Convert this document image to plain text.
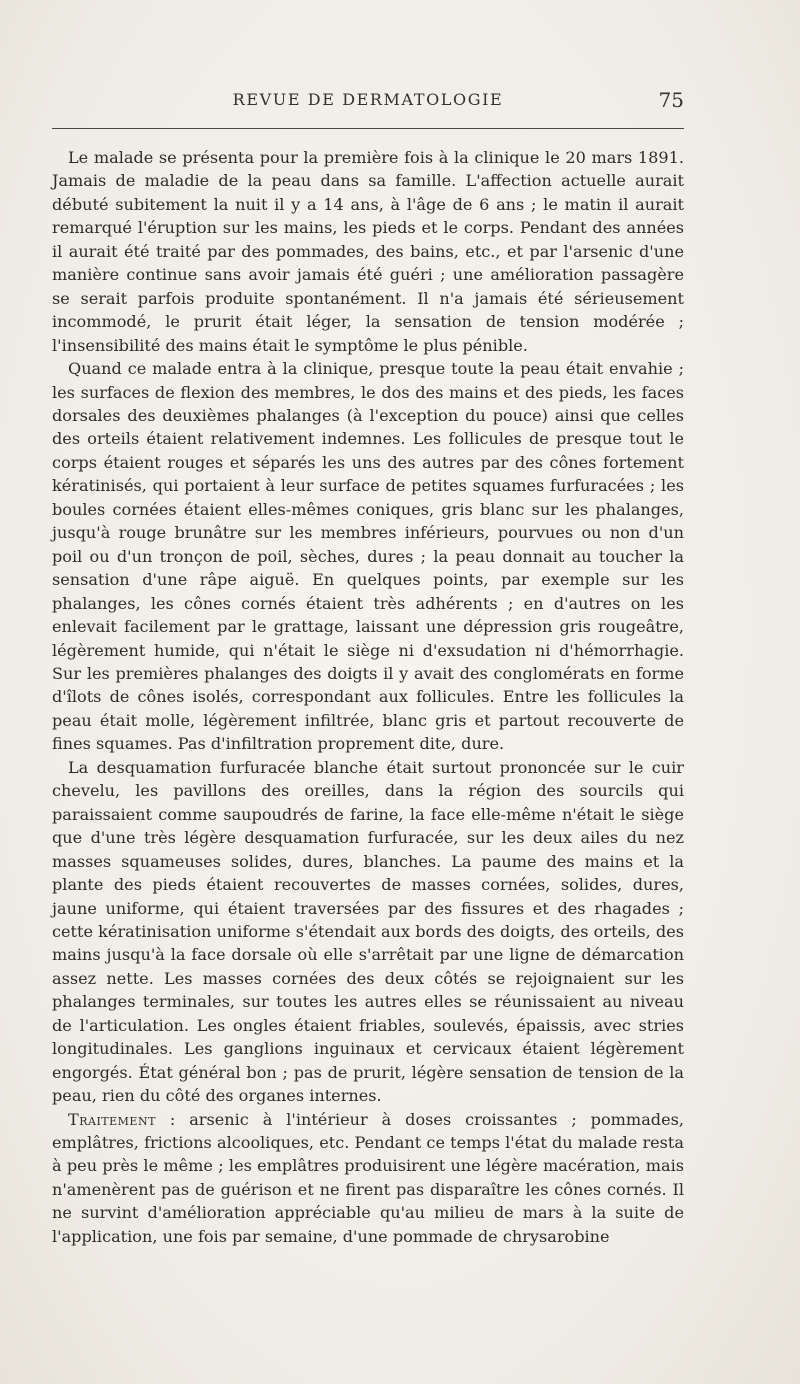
REVUE DE DERMATOLOGIE	75

Le malade se présenta pour la première fois à la clinique le 20 mars 1891. Jamais de maladie de la peau dans sa famille. L'affection actuelle aurait débuté subitement la nuit il y a 14 ans, à l'âge de 6 ans ; le matin il aurait remarqué l'éruption sur les mains, les pieds et le corps. Pendant des années il aurait été traité par des pommades, des bains, etc., et par l'arsenic d'une manière continue sans avoir jamais été guéri ; une amélioration passagère se serait parfois produite spontanément. Il n'a jamais été sérieusement incommodé, le prurit était léger, la sensation de tension modérée ; l'insensibilité des mains était le symptôme le plus pénible.

Quand ce malade entra à la clinique, presque toute la peau était envahie ; les surfaces de flexion des membres, le dos des mains et des pieds, les faces dorsales des deuxièmes phalanges (à l'exception du pouce) ainsi que celles des orteils étaient relativement indemnes. Les follicules de presque tout le corps étaient rouges et séparés les uns des autres par des cônes fortement kératinisés, qui portaient à leur surface de petites squames furfuracées ; les boules cornées étaient elles-mêmes coniques, gris blanc sur les phalanges, jusqu'à rouge brunâtre sur les membres inférieurs, pourvues ou non d'un poil ou d'un tronçon de poil, sèches, dures ; la peau donnait au toucher la sensation d'une râpe aiguë. En quelques points, par exemple sur les phalanges, les cônes cornés étaient très adhérents ; en d'autres on les enlevait facilement par le grattage, laissant une dépression gris rougeâtre, légèrement humide, qui n'était le siège ni d'exsudation ni d'hémorrhagie. Sur les premières phalanges des doigts il y avait des conglomérats en forme d'îlots de cônes isolés, correspondant aux follicules. Entre les follicules la peau était molle, légèrement infiltrée, blanc gris et partout recouverte de fines squames. Pas d'infiltration proprement dite, dure.

La desquamation furfuracée blanche était surtout prononcée sur le cuir chevelu, les pavillons des oreilles, dans la région des sourcils qui paraissaient comme saupoudrés de farine, la face elle-même n'était le siège que d'une très légère desquamation furfuracée, sur les deux ailes du nez masses squameuses solides, dures, blanches. La paume des mains et la plante des pieds étaient recouvertes de masses cornées, solides, dures, jaune uniforme, qui étaient traversées par des fissures et des rhagades ; cette kératinisation uniforme s'étendait aux bords des doigts, des orteils, des mains jusqu'à la face dorsale où elle s'arrêtait par une ligne de démarcation assez nette. Les masses cornées des deux côtés se rejoignaient sur les phalanges terminales, sur toutes les autres elles se réunissaient au niveau de l'articulation. Les ongles étaient friables, soulevés, épaissis, avec stries longitudinales. Les ganglions inguinaux et cervicaux étaient légèrement engorgés. État général bon ; pas de prurit, légère sensation de tension de la peau, rien du côté des organes internes.

Traitement : arsenic à l'intérieur à doses croissantes ; pommades, emplâtres, frictions alcooliques, etc. Pendant ce temps l'état du malade resta à peu près le même ; les emplâtres produisirent une légère macération, mais n'amenèrent pas de guérison et ne firent pas disparaître les cônes cornés. Il ne survint d'amélioration appréciable qu'au milieu de mars à la suite de l'application, une fois par semaine, d'une pommade de chrysarobine
